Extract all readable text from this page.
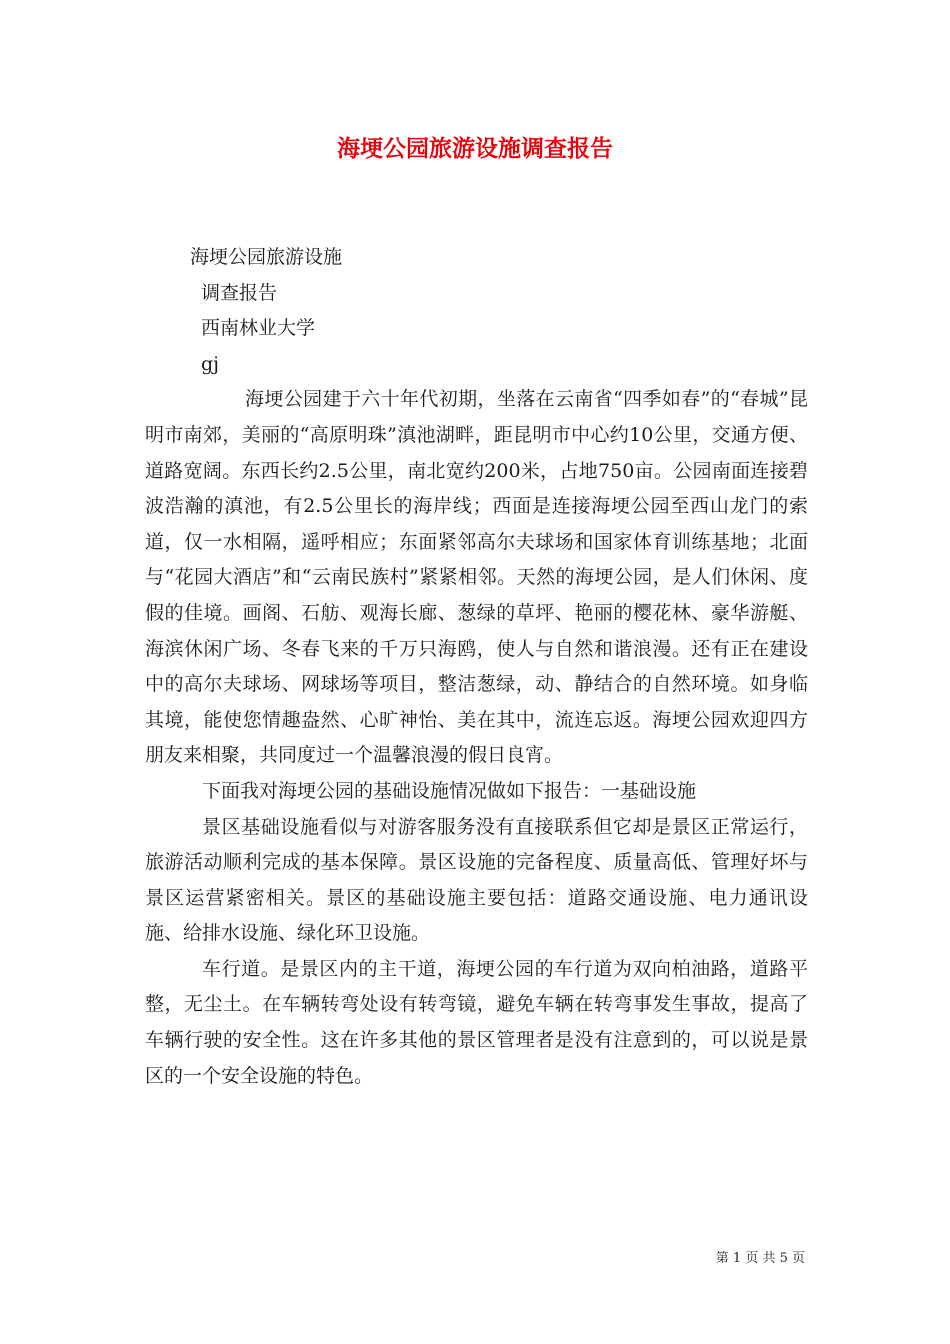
海埂公园旅游设施调查报告

海埂公园旅游设施

调查报告

西南林业大学

gj

海埂公园建于六十年代初期，坐落在云南省“四季如春”的“春城”昆明市南郊，美丽的“高原明珠”滇池湖畔，距昆明市中心约10公里，交通方便、道路宽阔。东西长约2.5公里，南北宽约200米，占地750亩。公园南面连接碧波浩瀚的滇池，有2.5公里长的海岸线；西面是连接海埂公园至西山龙门的索道，仅一水相隔，遥呼相应；东面紧邻高尔夫球场和国家体育训练基地；北面与“花园大酒店”和“云南民族村”紧紧相邻。天然的海埂公园，是人们休闲、度假的佳境。画阁、石舫、观海长廊、葱绿的草坪、艳丽的樱花林、豪华游艇、海滨休闲广场、冬春飞来的千万只海鸥，使人与自然和谐浪漫。还有正在建设中的高尔夫球场、网球场等项目，整洁葱绿，动、静结合的自然环境。如身临其境，能使您情趣盎然、心旷神怡、美在其中，流连忘返。海埂公园欢迎四方朋友来相聚，共同度过一个温馨浪漫的假日良宵。

下面我对海埂公园的基础设施情况做如下报告：一基础设施

景区基础设施看似与对游客服务没有直接联系但它却是景区正常运行，旅游活动顺利完成的基本保障。景区设施的完备程度、质量高低、管理好坏与景区运营紧密相关。景区的基础设施主要包括：道路交通设施、电力通讯设施、给排水设施、绿化环卫设施。

车行道。是景区内的主干道，海埂公园的车行道为双向柏油路，道路平整，无尘土。在车辆转弯处设有转弯镜，避免车辆在转弯事发生事故，提高了车辆行驶的安全性。这在许多其他的景区管理者是没有注意到的，可以说是景区的一个安全设施的特色。

第 1 页 共 5 页
